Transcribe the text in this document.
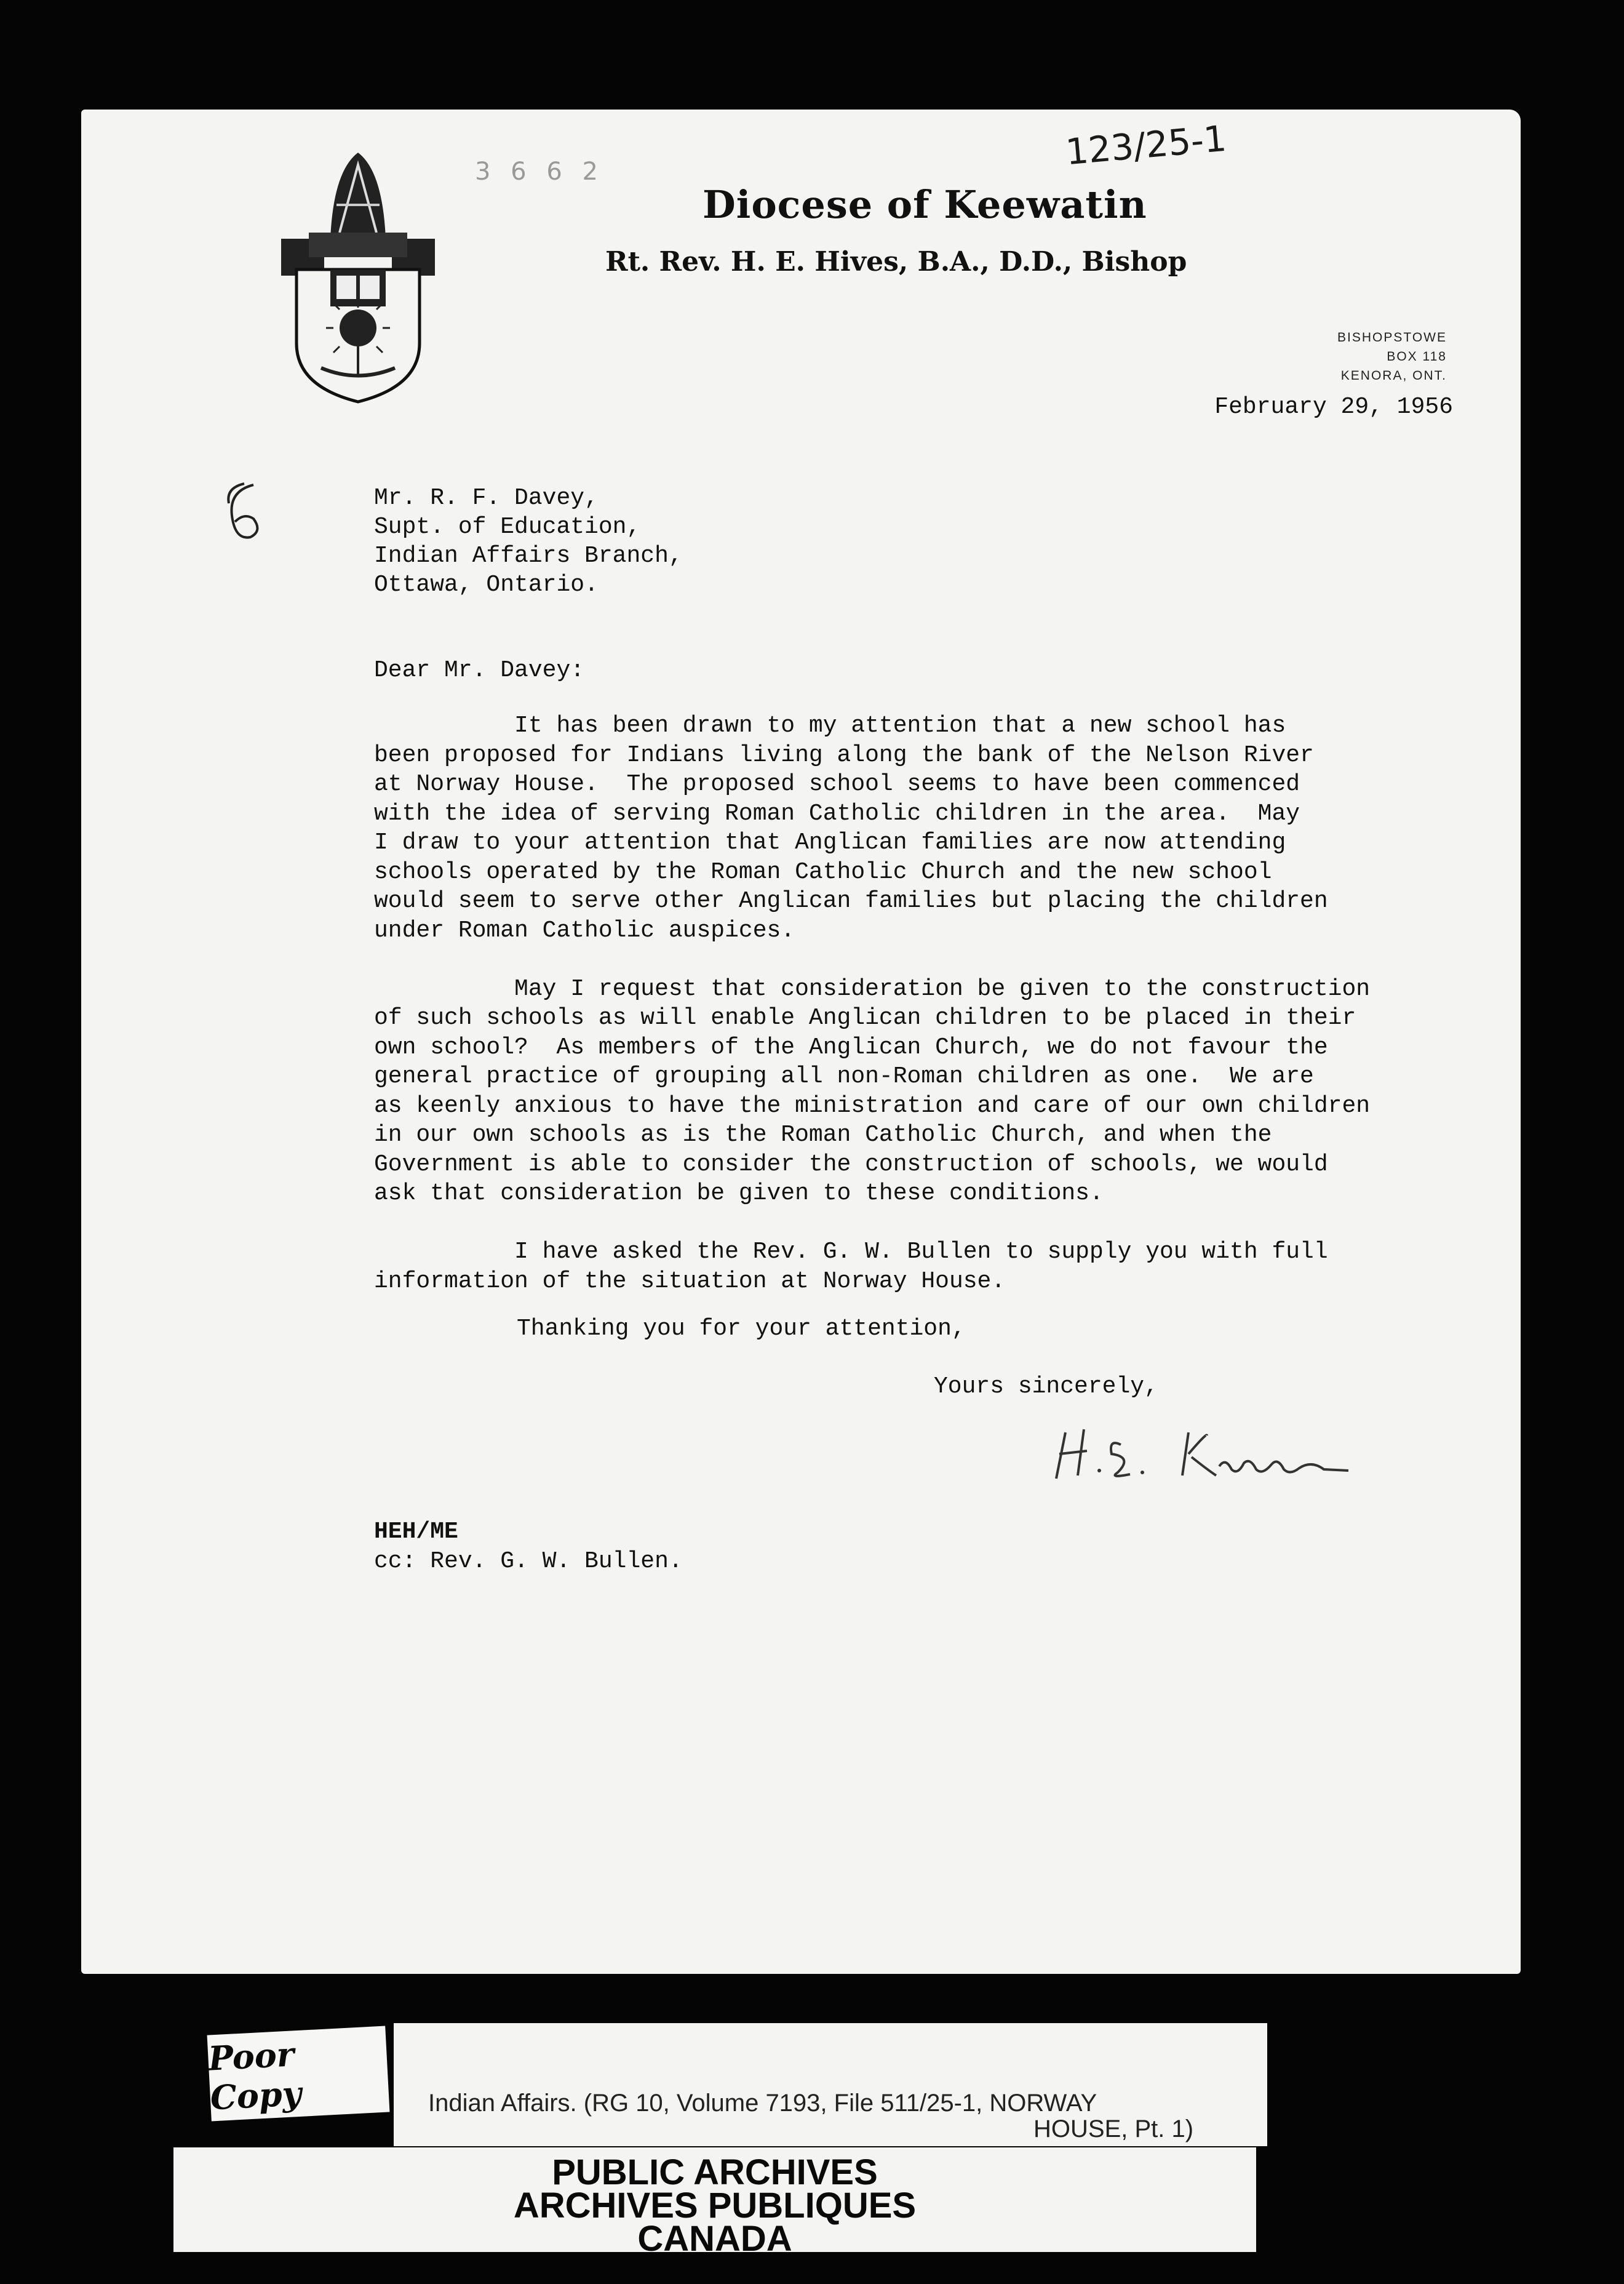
123/25-1
3 6 6 2
Diocese of Keewatin
Rt. Rev. H. E. Hives, B.A., D.D., Bishop
BISHOPSTOWE
BOX 118
KENORA, ONT.
February 29, 1956
Mr. R. F. Davey,
Supt. of Education,
Indian Affairs Branch,
Ottawa, Ontario.
Dear Mr. Davey:
It has been drawn to my attention that a new school has
been proposed for Indians living along the bank of the Nelson River
at Norway House.  The proposed school seems to have been commenced
with the idea of serving Roman Catholic children in the area.  May
I draw to your attention that Anglican families are now attending
schools operated by the Roman Catholic Church and the new school
would seem to serve other Anglican families but placing the children
under Roman Catholic auspices.
May I request that consideration be given to the construction
of such schools as will enable Anglican children to be placed in their
own school?  As members of the Anglican Church, we do not favour the
general practice of grouping all non-Roman children as one.  We are
as keenly anxious to have the ministration and care of our own children
in our own schools as is the Roman Catholic Church, and when the
Government is able to consider the construction of schools, we would
ask that consideration be given to these conditions.
I have asked the Rev. G. W. Bullen to supply you with full
information of the situation at Norway House.
Thanking you for your attention,
Yours sincerely,
HEH/ME
cc: Rev. G. W. Bullen.
Poor Copy	Indian Affairs. (RG 10, Volume 7193, File 511/25-1, NORWAY
HOUSE, Pt. 1)
PUBLIC ARCHIVES
ARCHIVES PUBLIQUES
CANADA
